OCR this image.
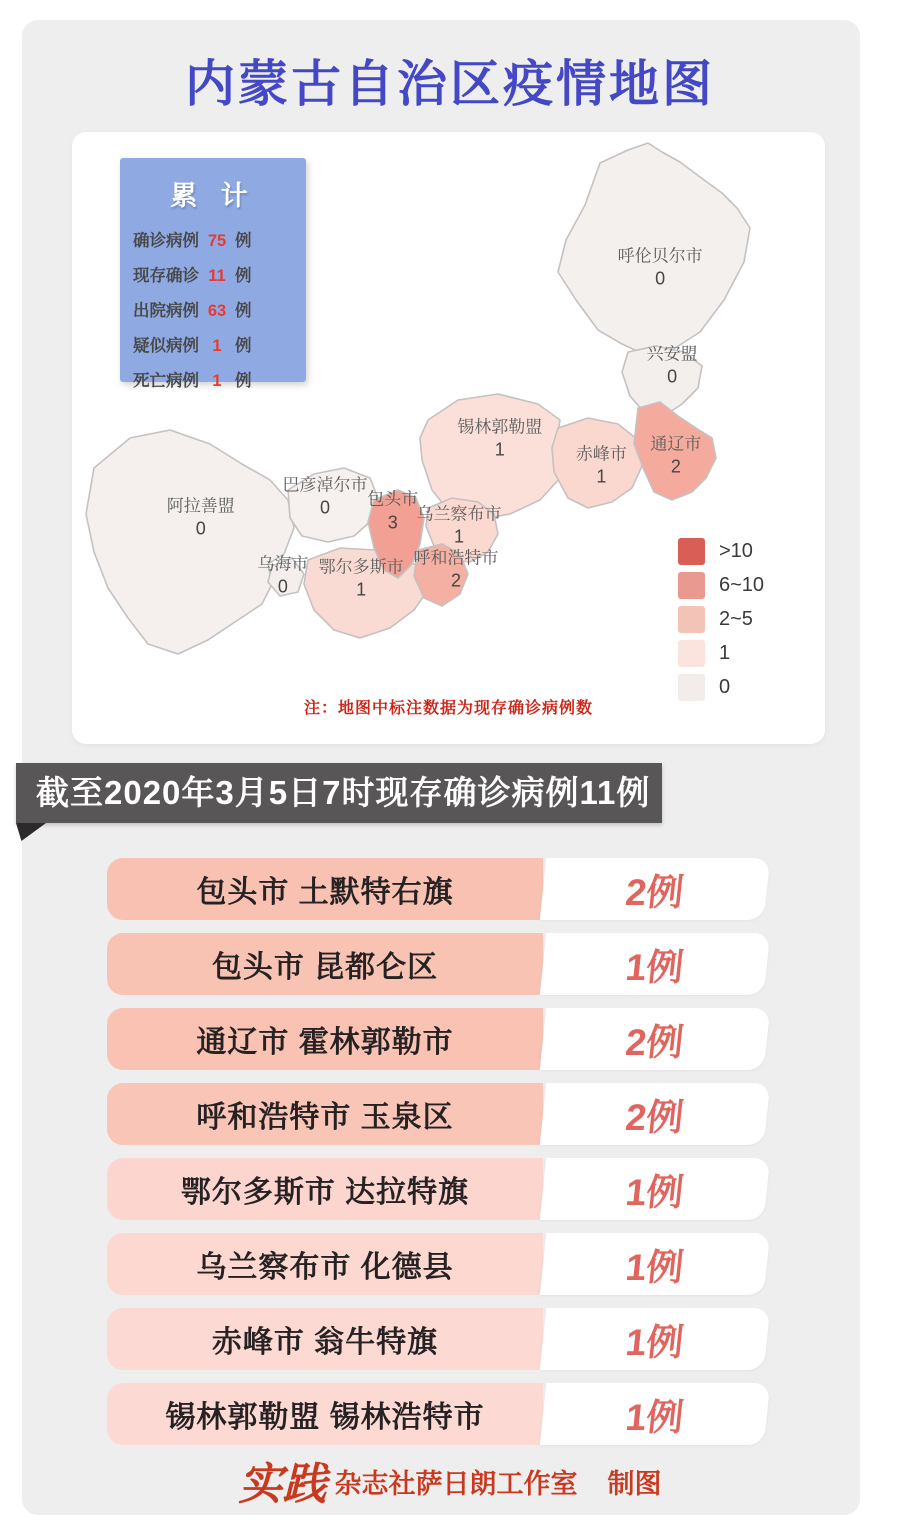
内蒙古自治区疫情地图
累 计
确诊病例 75 例
现存确诊 11 例
出院病例 63 例
疑似病例 1 例
死亡病例 1 例
呼伦贝尔市
0
兴安盟
0
通辽市
2
赤峰市
1
锡林郭勒盟
1
乌兰察布市
1
呼和浩特市
2
包头市
3
巴彦淖尔市
0
鄂尔多斯市
1
乌海市
0
阿拉善盟
0
>10
6~10
2~5
1
0
注：地图中标注数据为现存确诊病例数
截至2020年3月5日7时现存确诊病例11例
包头市 土默特右旗	2例
包头市 昆都仑区	1例
通辽市 霍林郭勒市	2例
呼和浩特市 玉泉区	2例
鄂尔多斯市 达拉特旗	1例
乌兰察布市 化德县	1例
赤峰市 翁牛特旗	1例
锡林郭勒盟 锡林浩特市	1例
实践 杂志社萨日朗工作室 制图
